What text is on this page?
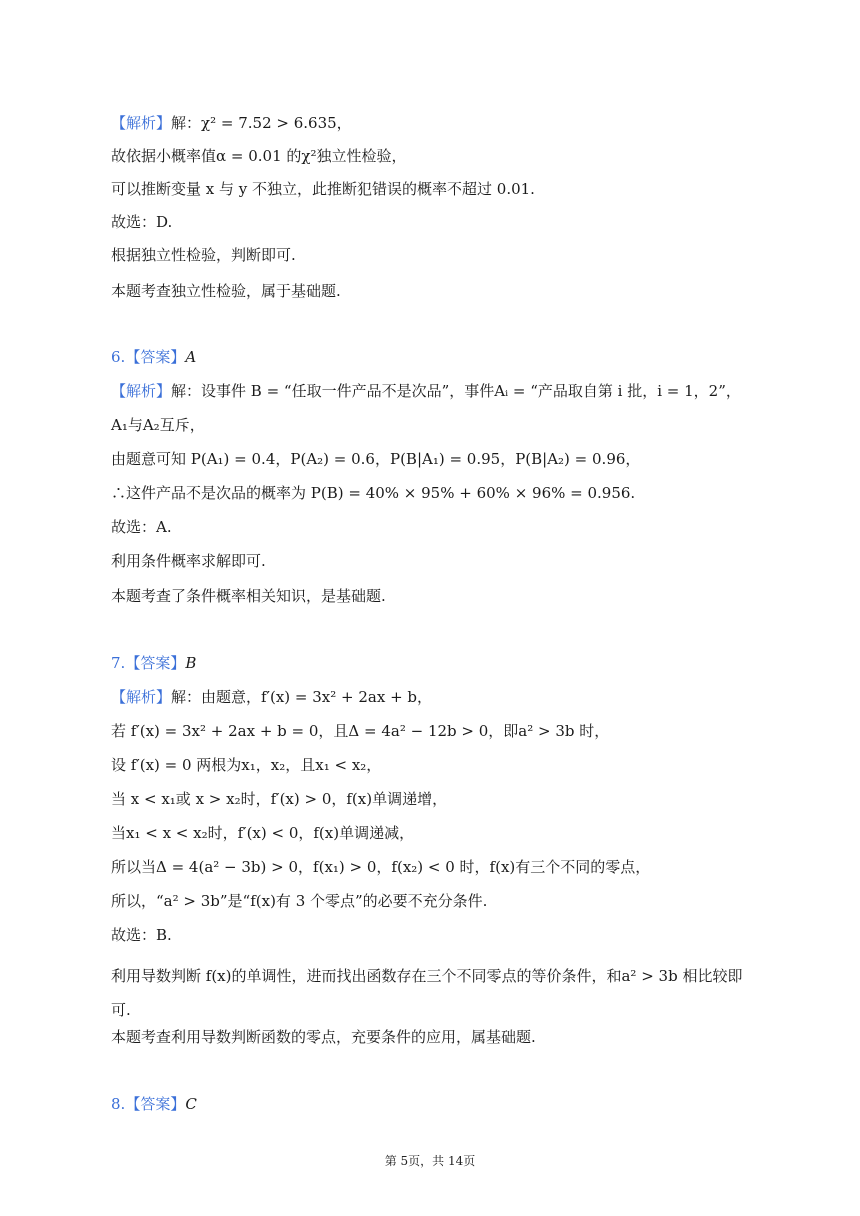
【解析】解：χ² = 7.52 > 6.635，
故依据小概率值α = 0.01 的χ²独立性检验，
可以推断变量 x 与 y 不独立，此推断犯错误的概率不超过 0.01.
故选：D.
根据独立性检验，判断即可.
本题考查独立性检验，属于基础题.
6.【答案】A
【解析】解：设事件 B = “任取一件产品不是次品”，事件Aᵢ = “产品取自第 i 批，i = 1，2”，
A₁与A₂互斥，
由题意可知 P(A₁) = 0.4，P(A₂) = 0.6，P(B|A₁) = 0.95，P(B|A₂) = 0.96，
∴这件产品不是次品的概率为 P(B) = 40% × 95% + 60% × 96% = 0.956.
故选：A.
利用条件概率求解即可.
本题考查了条件概率相关知识，是基础题.
7.【答案】B
【解析】解：由题意，f′(x) = 3x² + 2ax + b，
若 f′(x) = 3x² + 2ax + b = 0，且Δ = 4a² − 12b > 0，即a² > 3b 时，
设 f′(x) = 0 两根为x₁，x₂，且x₁ < x₂，
当 x < x₁或 x > x₂时，f′(x) > 0，f(x)单调递增，
当x₁ < x < x₂时，f′(x) < 0，f(x)单调递减，
所以当Δ = 4(a² − 3b) > 0，f(x₁) > 0，f(x₂) < 0 时，f(x)有三个不同的零点，
所以，“a² > 3b”是“f(x)有 3 个零点”的必要不充分条件.
故选：B.
利用导数判断 f(x)的单调性，进而找出函数存在三个不同零点的等价条件，和a² > 3b 相比较即可.
本题考查利用导数判断函数的零点，充要条件的应用，属基础题.
8.【答案】C
第 5页，共 14页
